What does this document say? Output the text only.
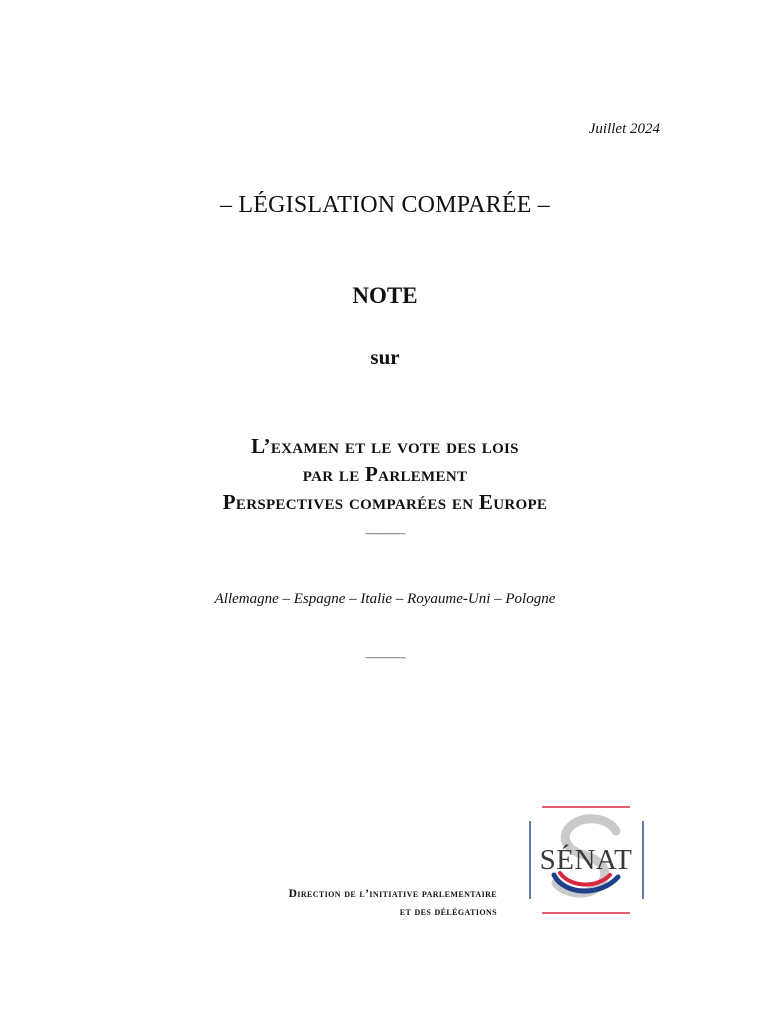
Juillet 2024
– LÉGISLATION COMPARÉE –
NOTE
sur
L’examen et le vote des lois
par le Parlement
Perspectives comparées en Europe
———
Allemagne – Espagne – Italie – Royaume-Uni – Pologne
———
Direction de l’initiative parlementaire
et des délégations
SÉNAT
